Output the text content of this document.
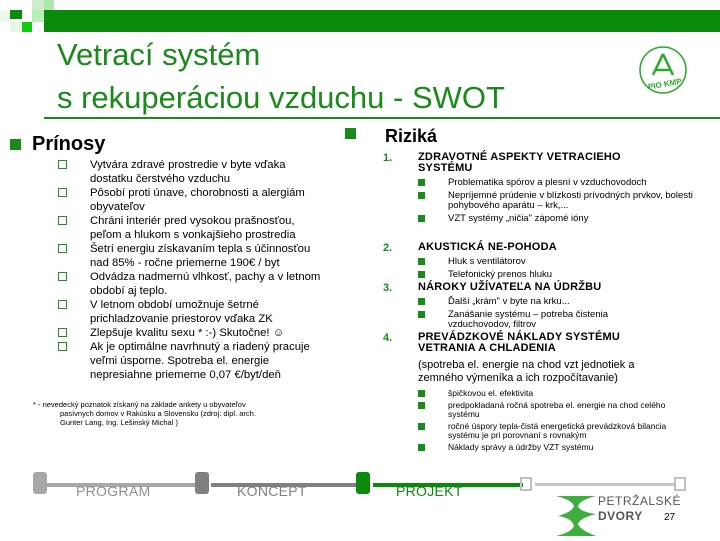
Vetrací systém
s rekuperáciou vzduchu - SWOT	PIO KMP
Prínosy
Vytvára zdravé prostredie v byte vďaka dostatku čerstvého vzduchu
Pôsobí proti únave, chorobnosti a alergiám obyvateľov
Chráni interiér pred vysokou prašnosťou, peľom a hlukom s vonkajšieho prostredia
Šetrí energiu získavaním tepla s účinnosťou nad 85% - ročne priemerne 190€ / byt
Odvádza nadmernú vlhkosť, pachy a v letnom období aj teplo.
V letnom období umožnuje šetrné prichladzovanie priestorov vďaka ZK
Zlepšuje kvalitu sexu * :-) Skutočne! ☺
Ak je optimálne navrhnutý a riadený pracuje veľmi úsporne. Spotreba el. energie nepresiahne priemerne 0,07 €/byt/deň
* - nevedecký poznatok získaný na základe ankety u obyvateľov
pasívnych domov v Rakúsku a Slovensku (zdroj: dipl. arch.
Gunter Lang, Ing. Lešinský Michal )
Riziká
1. ZDRAVOTNÉ ASPEKTY VETRACIEHO SYSTÉMU
Problematika spórov a plesní v vzduchovodoch
Nepríjemné prúdenie v blízkosti prívodných prvkov, bolesti pohybového aparátu – krk,...
VZT systémy „ničia" zápomé ióny
2. AKUSTICKÁ NE-POHODA
Hluk s ventilátorov
Telefonický prenos hluku
3. NÁROKY UŽÍVATEĽA NA ÚDRŽBU
Ďalší „krám" v byte na krku...
Zanášanie systému – potreba čistenia vzduchovodov, filtrov
4. PREVÁDZKOVÉ NÁKLADY SYSTÉMU VETRANIA A CHLADENIA
(spotreba el. energie na chod vzt jednotiek a zemného výmeníka a ich rozpočítavanie)
špičkovou el. efektivita
predpokladaná ročná spotreba el. energie na chod celého systému
ročné úspory tepla-čistá energetická prevádzková bilancia systému je pri porovnaní s rovnakým
Náklady správy a údržby VZT systému
PROGRAM	KONCEPT	PROJEKT
PETRŽALSKÉ
DVORY 27
